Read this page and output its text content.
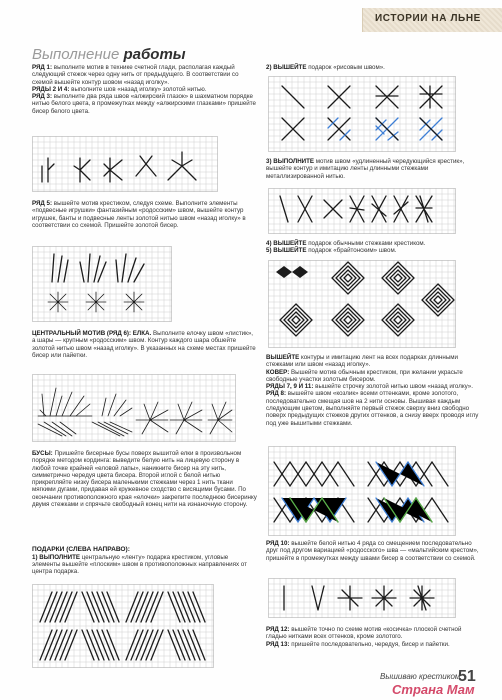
ИСТОРИИ НА ЛЬНЕ
Выполнение работы
РЯД 1: выполните мотив в технике счетной глади, располагая каждый следующий стежок через одну нить от предыдущего. В соответствии со схемой вышейте контур шовом «назад иголку».
РЯДЫ 2 И 4: выполните шов «назад иголку» золотой нитью.
РЯД 3: выполните два ряда швов «алжирский глазок» в шахматном порядке нитью белого цвета, в промежутках между «алжирскими глазками» пришейте бисер белого цвета.
РЯД 5: вышейте мотив крестиком, следуя схеме. Выполните элементы «подвесные игрушки» фантазийным «родосским» швом, вышейте контур игрушек, банты и подвесные ленты золотой нитью швом «назад иголку» в соответствии со схемой. Пришейте золотой бисер.
ЦЕНТРАЛЬНЫЙ МОТИВ (РЯД 6): ЕЛКА. Выполните елочку швом «листик», а шары — крупным «родосским» швом. Контур каждого шара обшейте золотой нитью швом «назад иголку». В указанных на схеме местах пришейте бисер или пайетки.
БУСЫ: Пришейте бисерные бусы поверх вышитой елки в произвольном порядке методом кординга: выведите белую нить на лицевую сторону в любой точке крайней «еловой лапы», наникните бисер на эту нить, симметрично чередуя цвета бисера. Второй иглой с белой нитью прикрепляйте низку бисера маленькими стежками через 1 нить ткани мягкими дугами, придавая ей кружевное сходство с висящими бусами. По окончании противоположного края «елочки» закрепите последнюю бисеринку двумя стежками и спрячьте свободный конец нити на изнаночную сторону.
ПОДАРКИ (СЛЕВА НАПРАВО):
1) ВЫПОЛНИТЕ центральную «ленту» подарка крестиком, угловые элементы вышейте «плоским» швом в противоположных направлениях от центра подарка.
2) ВЫШЕЙТЕ подарок «рисовым швом».
3) ВЫПОЛНИТЕ мотив швом «удлиненный чередующийся крестик», вышейте контур и имитацию ленты длинными стежками металлизированной нитью.
4) ВЫШЕЙТЕ подарок обычными стежками крестиком.
5) ВЫШЕЙТЕ подарок «брайтонским» швом.
ВЫШЕЙТЕ контуры и имитацию лент на всех подарках длинными стежками или швом «назад иголку».
КОВЕР: Вышейте мотив обычным крестиком, при желании украсьте свободные участки золотым бисером.
РЯДЫ 7, 9 И 11: вышейте строчку золотой нитью швом «назад иголку».
РЯД 8: вышейте швом «козлик» всеми оттенками, кроме золотого, последовательно смещая шов на 2 нити основы. Вышивая каждым следующим цветом, выполняйте первый стежок сверху вниз свободно поверх предыдущих стежков других оттенков, а снизу вверх проводя иглу под уже вышитыми стежками.
РЯД 10: вышейте белой нитью 4 ряда со смещением последовательно друг под другом вариацией «родосского» шва — «мальтийским крестом», пришейте в промежутках между швами бисер в соответствии со схемой.
РЯД 12: вышейте точно по схеме мотив «косичка» плоской счетной гладью нитками всех оттенков, кроме золотого.
РЯД 13: пришейте последовательно, чередуя, бисер и пайетки.
Вышиваю крестиком
51
Страна Мам
